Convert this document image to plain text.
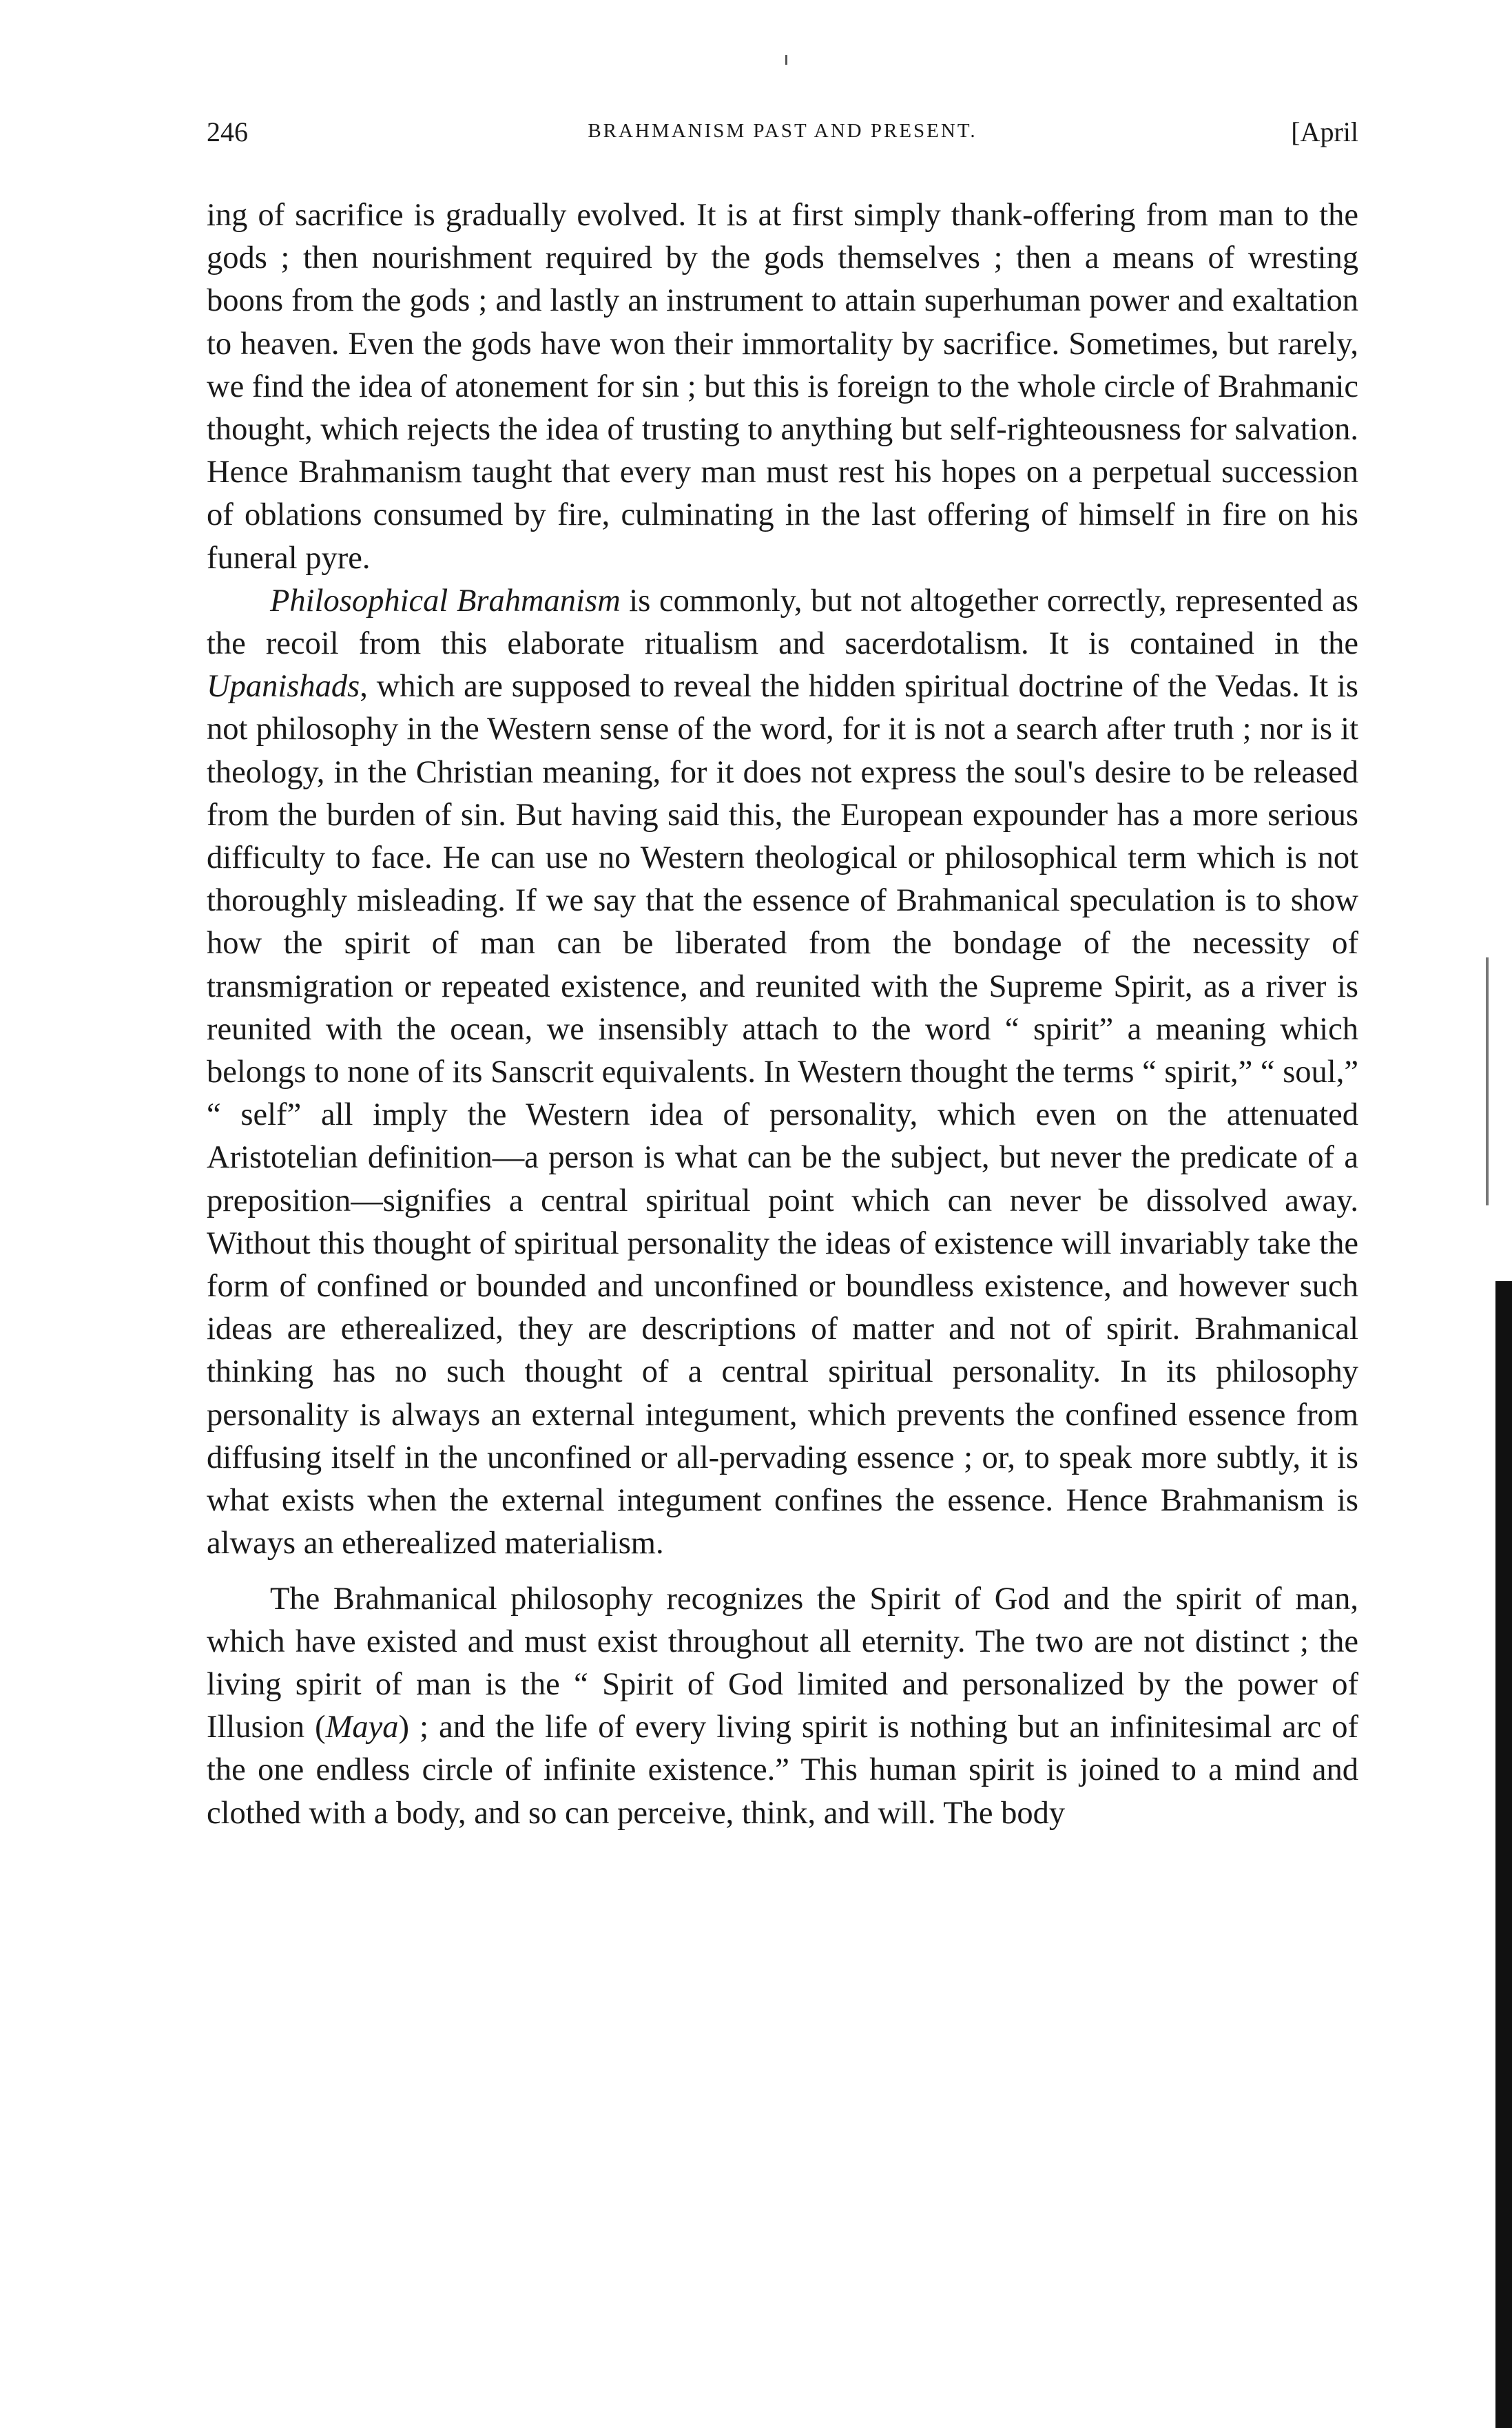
246	BRAHMANISM PAST AND PRESENT.	[April

ing of sacrifice is gradually evolved. It is at first simply thank-offering from man to the gods ; then nourishment required by the gods themselves ; then a means of wresting boons from the gods ; and lastly an instrument to attain superhuman power and exaltation to heaven. Even the gods have won their immortality by sacrifice. Sometimes, but rarely, we find the idea of atonement for sin ; but this is foreign to the whole circle of Brahmanic thought, which rejects the idea of trusting to anything but self-righteousness for salvation. Hence Brahmanism taught that every man must rest his hopes on a perpetual succession of oblations consumed by fire, culminating in the last offering of himself in fire on his funeral pyre.

Philosophical Brahmanism is commonly, but not altogether correctly, represented as the recoil from this elaborate ritualism and sacerdotalism. It is contained in the Upanishads, which are supposed to reveal the hidden spiritual doctrine of the Vedas. It is not philosophy in the Western sense of the word, for it is not a search after truth ; nor is it theology, in the Christian meaning, for it does not express the soul's desire to be released from the burden of sin. But having said this, the European expounder has a more serious difficulty to face. He can use no Western theological or philosophical term which is not thoroughly misleading. If we say that the essence of Brahmanical speculation is to show how the spirit of man can be liberated from the bondage of the necessity of transmigration or repeated existence, and reunited with the Supreme Spirit, as a river is reunited with the ocean, we insensibly attach to the word “ spirit” a meaning which belongs to none of its Sanscrit equivalents. In Western thought the terms “ spirit,” “ soul,” “ self” all imply the Western idea of personality, which even on the attenuated Aristotelian definition—a person is what can be the subject, but never the predicate of a preposition—signifies a central spiritual point which can never be dissolved away. Without this thought of spiritual personality the ideas of existence will invariably take the form of confined or bounded and unconfined or boundless existence, and however such ideas are etherealized, they are descriptions of matter and not of spirit. Brahmanical thinking has no such thought of a central spiritual personality. In its philosophy personality is always an external integument, which prevents the confined essence from diffusing itself in the unconfined or all-pervading essence ; or, to speak more subtly, it is what exists when the external integument confines the essence. Hence Brahmanism is always an etherealized materialism.

The Brahmanical philosophy recognizes the Spirit of God and the spirit of man, which have existed and must exist throughout all eternity. The two are not distinct ; the living spirit of man is the “ Spirit of God limited and personalized by the power of Illusion (Maya) ; and the life of every living spirit is nothing but an infinitesimal arc of the one endless circle of infinite existence.” This human spirit is joined to a mind and clothed with a body, and so can perceive, think, and will. The body
